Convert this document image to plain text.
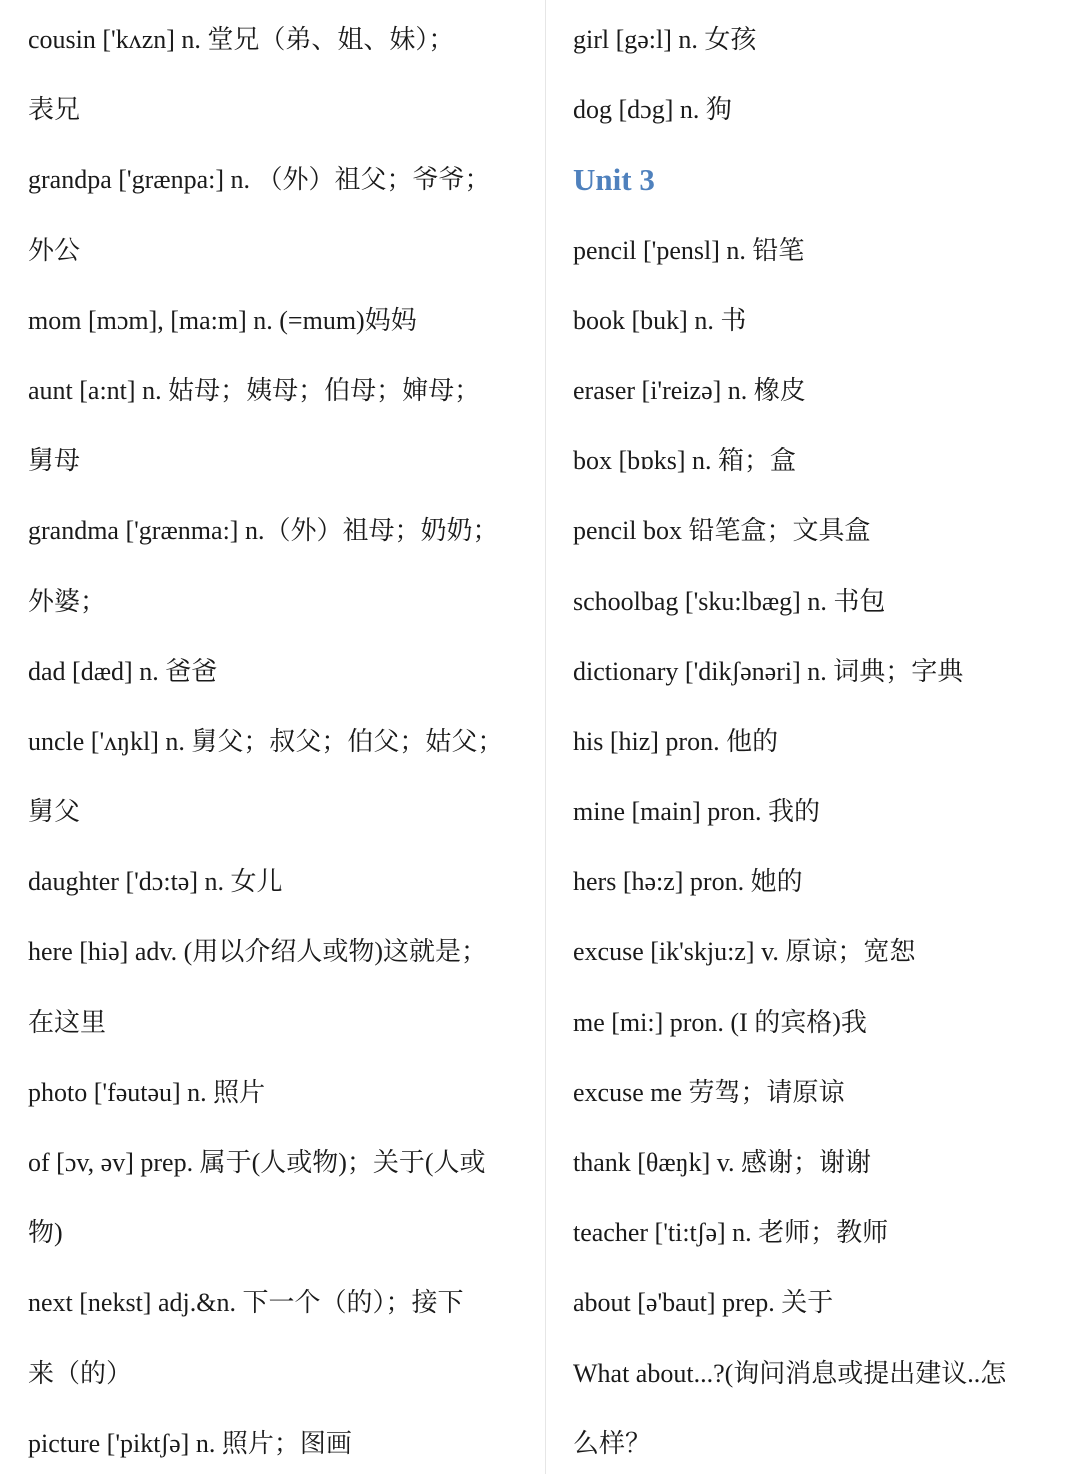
cousin ['kʌzn] n. 堂兄（弟、姐、妹）；
表兄
grandpa ['grænpa:] n. （外）祖父；爷爷；
外公
mom [mɔm], [ma:m] n. (=mum)妈妈
aunt [a:nt] n. 姑母；姨母；伯母；婶母；
舅母
grandma ['grænma:] n.（外）祖母；奶奶；
外婆；
dad [dæd] n. 爸爸
uncle ['ʌŋkl] n. 舅父；叔父；伯父；姑父；
舅父
daughter ['dɔ:tə] n. 女儿
here [hiə] adv. (用以介绍人或物)这就是；
在这里
photo ['fəutəu] n. 照片
of [ɔv, əv] prep. 属于(人或物)；关于(人或
物)
next [nekst] adj.&n. 下一个（的）；接下
来（的）
picture ['piktʃə] n. 照片；图画
girl [gə:l] n. 女孩
dog [dɔg] n. 狗
Unit 3
pencil ['pensl] n. 铅笔
book [buk] n. 书
eraser [i'reizə] n. 橡皮
box [bɒks] n. 箱；盒
pencil box 铅笔盒；文具盒
schoolbag ['sku:lbæg] n. 书包
dictionary ['dikʃənəri] n. 词典；字典
his [hiz] pron. 他的
mine [main] pron. 我的
hers [hə:z] pron. 她的
excuse [ik'skju:z] v. 原谅；宽恕
me [mi:] pron. (I 的宾格)我
excuse me 劳驾；请原谅
thank [θæŋk] v. 感谢；谢谢
teacher ['ti:tʃə] n. 老师；教师
about [ə'baut] prep. 关于
What about...?(询问消息或提出建议..怎
么样？
